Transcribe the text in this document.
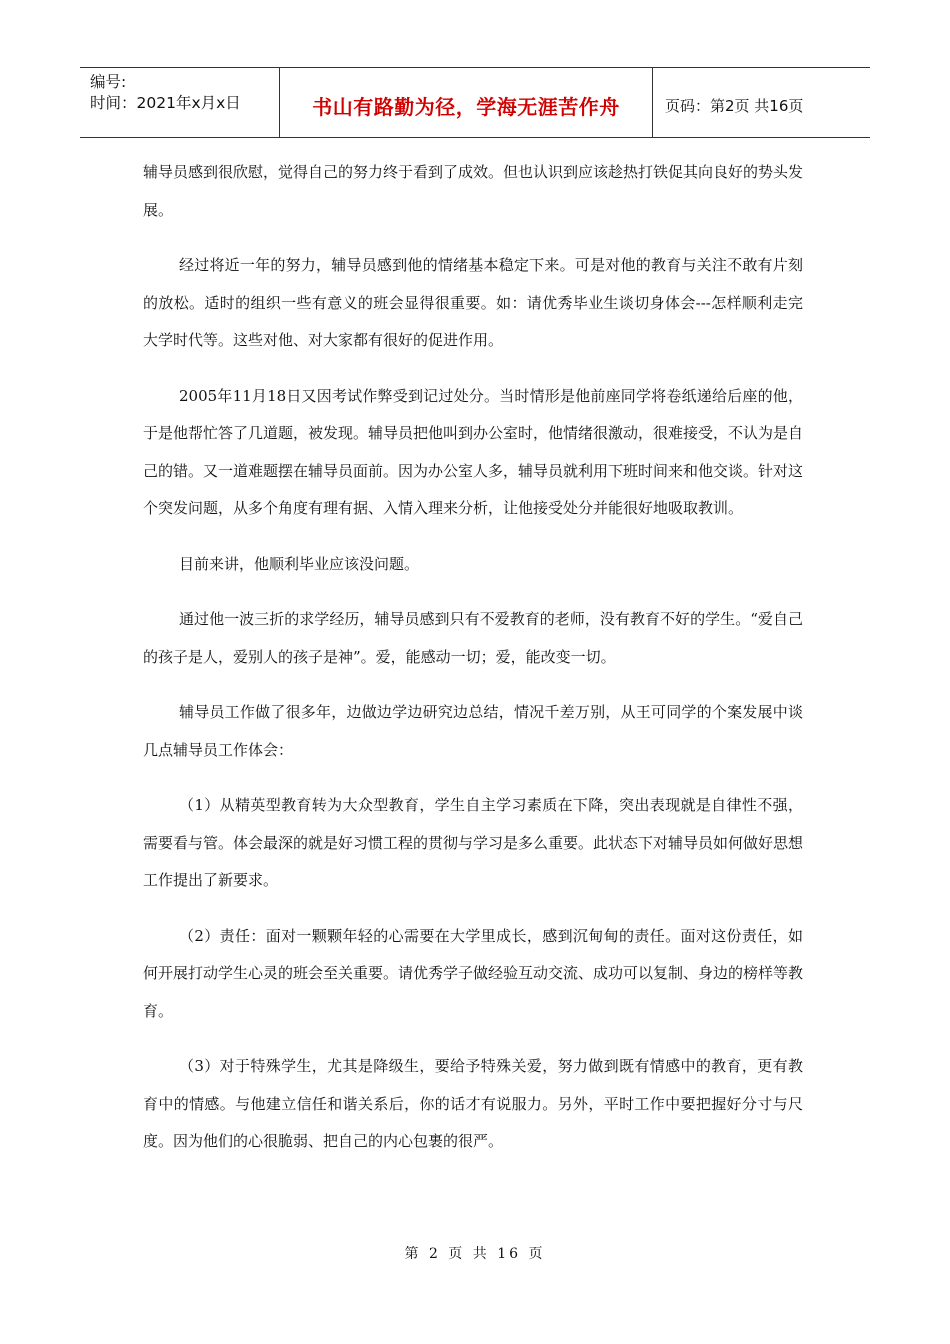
编号:
时间：2021年x月x日	书山有路勤为径，学海无涯苦作舟	页码：第2页 共16页

辅导员感到很欣慰，觉得自己的努力终于看到了成效。但也认识到应该趁热打铁促其向良好的势头发展。

经过将近一年的努力，辅导员感到他的情绪基本稳定下来。可是对他的教育与关注不敢有片刻的放松。适时的组织一些有意义的班会显得很重要。如：请优秀毕业生谈切身体会---怎样顺利走完大学时代等。这些对他、对大家都有很好的促进作用。

2005年11月18日又因考试作弊受到记过处分。当时情形是他前座同学将卷纸递给后座的他，于是他帮忙答了几道题，被发现。辅导员把他叫到办公室时，他情绪很激动，很难接受，不认为是自己的错。又一道难题摆在辅导员面前。因为办公室人多，辅导员就利用下班时间来和他交谈。针对这个突发问题，从多个角度有理有据、入情入理来分析，让他接受处分并能很好地吸取教训。

目前来讲，他顺利毕业应该没问题。

通过他一波三折的求学经历，辅导员感到只有不爱教育的老师，没有教育不好的学生。“爱自己的孩子是人，爱别人的孩子是神”。爱，能感动一切；爱，能改变一切。

辅导员工作做了很多年，边做边学边研究边总结，情况千差万别，从王可同学的个案发展中谈几点辅导员工作体会：

（1）从精英型教育转为大众型教育，学生自主学习素质在下降，突出表现就是自律性不强，需要看与管。体会最深的就是好习惯工程的贯彻与学习是多么重要。此状态下对辅导员如何做好思想工作提出了新要求。

（2）责任：面对一颗颗年轻的心需要在大学里成长，感到沉甸甸的责任。面对这份责任，如何开展打动学生心灵的班会至关重要。请优秀学子做经验互动交流、成功可以复制、身边的榜样等教育。

（3）对于特殊学生，尤其是降级生，要给予特殊关爱，努力做到既有情感中的教育，更有教育中的情感。与他建立信任和谐关系后，你的话才有说服力。另外，平时工作中要把握好分寸与尺度。因为他们的心很脆弱、把自己的内心包裹的很严。

第 2 页 共 16 页
